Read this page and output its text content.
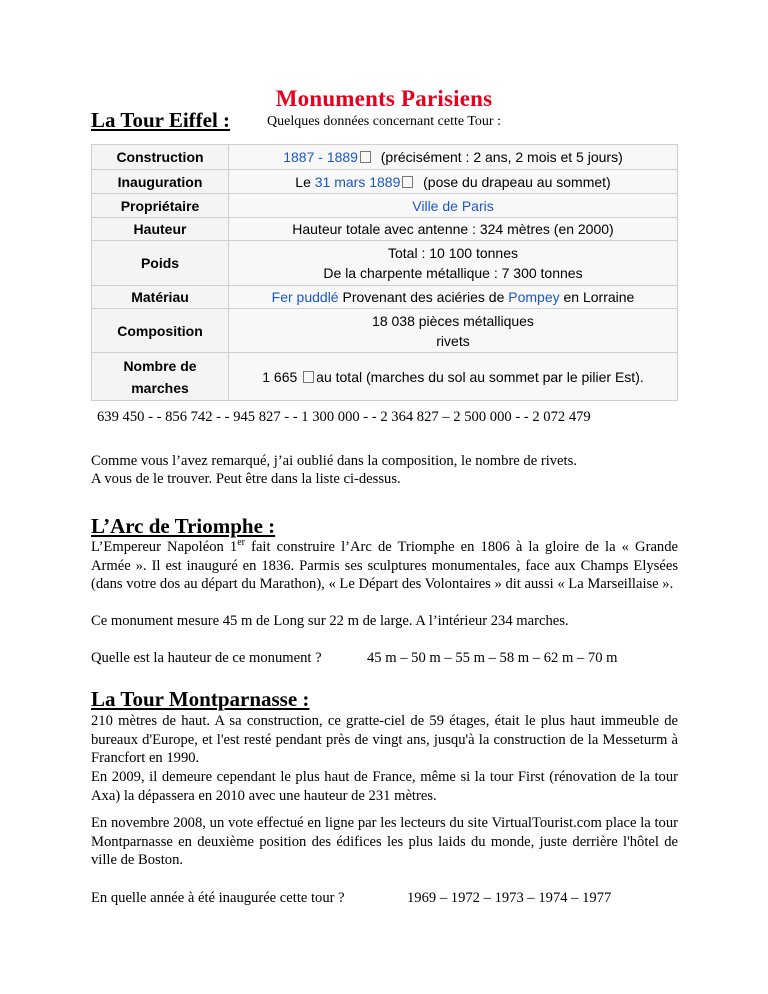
Monuments Parisiens
La Tour Eiffel :	Quelques données concernant cette Tour :
Construction	1887 - 1889 (précisément : 2 ans, 2 mois et 5 jours)
Inauguration	Le 31 mars 1889 (pose du drapeau au sommet)
Propriétaire	Ville de Paris
Hauteur	Hauteur totale avec antenne : 324 mètres (en 2000)
Poids	Total : 10 100 tonnes
De la charpente métallique : 7 300 tonnes

Matériau	Fer puddlé Provenant des aciéries de Pompey en Lorraine
Composition	18 038 pièces métalliques
rivets

Nombre de
marches	1 665 au total (marches du sol au sommet par le pilier Est).
639 450 - - 856 742 - - 945 827 - - 1 300 000 - - 2 364 827 – 2 500 000 - - 2 072 479
Comme vous l’avez remarqué, j’ai oublié dans la composition, le nombre de rivets.
A vous de le trouver. Peut être dans la liste ci-dessus.
L’Arc de Triomphe :
L’Empereur Napoléon 1er fait construire l’Arc de Triomphe en 1806 à la gloire de la « Grande Armée ». Il est inauguré en 1836. Parmis ses sculptures monumentales, face aux Champs Elysées (dans votre dos au départ du Marathon), « Le Départ des Volontaires » dit aussi « La Marseillaise ».
Ce monument mesure 45 m de Long sur 22 m de large. A l’intérieur 234 marches.
Quelle est la hauteur de ce monument ?	45 m – 50 m – 55 m – 58 m – 62 m – 70 m
La Tour Montparnasse :
210 mètres de haut. A sa construction, ce gratte-ciel de 59 étages, était le plus haut immeuble de bureaux d'Europe, et l'est resté pendant près de vingt ans, jusqu'à la construction de la Messeturm à Francfort en 1990.
En 2009, il demeure cependant le plus haut de France, même si la tour First (rénovation de la tour Axa) la dépassera en 2010 avec une hauteur de 231 mètres.
En novembre 2008, un vote effectué en ligne par les lecteurs du site VirtualTourist.com place la tour Montparnasse en deuxième position des édifices les plus laids du monde, juste derrière l'hôtel de ville de Boston.
En quelle année à été inaugurée cette tour ?	1969 – 1972 – 1973 – 1974 – 1977
